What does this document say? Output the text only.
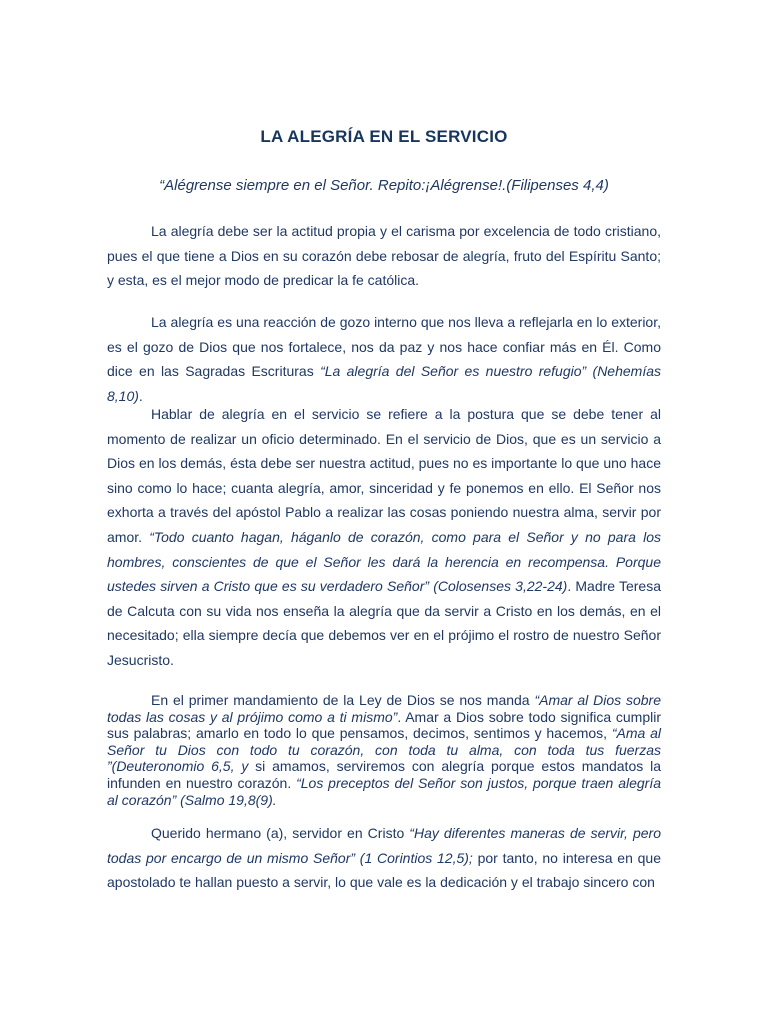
LA ALEGRÍA EN EL SERVICIO
“Alégrense siempre en el Señor. Repito:¡Alégrense!.(Filipenses 4,4)

La alegría debe ser la actitud propia y el carisma por excelencia de todo cristiano, pues el que tiene a Dios en su corazón debe rebosar de alegría, fruto del Espíritu Santo; y esta, es el mejor modo de predicar la fe católica.

La alegría es una reacción de gozo interno que nos lleva a reflejarla en lo exterior, es el gozo de Dios que nos fortalece, nos da paz y nos hace confiar más en Él. Como dice en las Sagradas Escrituras “La alegría del Señor es nuestro refugio” (Nehemías 8,10).

Hablar de alegría en el servicio se refiere a la postura que se debe tener al momento de realizar un oficio determinado. En el servicio de Dios, que es un servicio a Dios en los demás, ésta debe ser nuestra actitud, pues no es importante lo que uno hace sino como lo hace; cuanta alegría, amor, sinceridad y fe ponemos en ello. El Señor nos exhorta a través del apóstol Pablo a realizar las cosas poniendo nuestra alma, servir por amor. “Todo cuanto hagan, háganlo de corazón, como para el Señor y no para los hombres, conscientes de que el Señor les dará la herencia en recompensa. Porque ustedes sirven a Cristo que es su verdadero Señor” (Colosenses 3,22-24). Madre Teresa de Calcuta con su vida nos enseña la alegría que da servir a Cristo en los demás, en el necesitado; ella siempre decía que debemos ver en el prójimo el rostro de nuestro Señor Jesucristo.

En el primer mandamiento de la Ley de Dios se nos manda “Amar al Dios sobre todas las cosas y al prójimo como a ti mismo”. Amar a Dios sobre todo significa cumplir sus palabras; amarlo en todo lo que pensamos, decimos, sentimos y hacemos, “Ama al Señor tu Dios con todo tu corazón, con toda tu alma, con toda tus fuerzas ”(Deuteronomio 6,5, y si amamos, serviremos con alegría porque estos mandatos la infunden en nuestro corazón. “Los preceptos del Señor son justos, porque traen alegría al corazón” (Salmo 19,8(9).

Querido hermano (a), servidor en Cristo “Hay diferentes maneras de servir, pero todas por encargo de un mismo Señor” (1 Corintios 12,5); por tanto, no interesa en que apostolado te hallan puesto a servir, lo que vale es la dedicación y el trabajo sincero con
